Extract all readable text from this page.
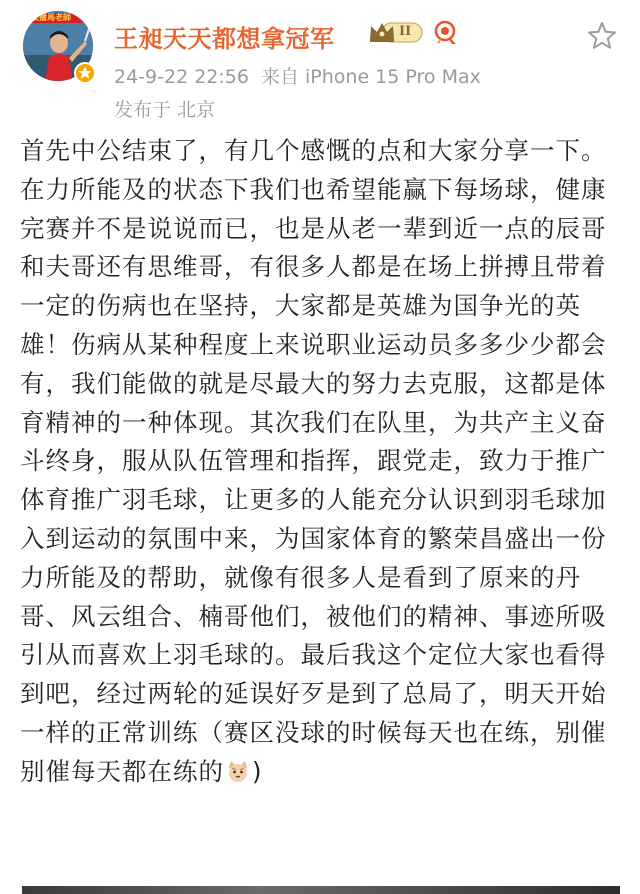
奴播馬老師
王昶天天都想拿冠军	II
24-9-22 22:56 来自 iPhone 15 Pro Max
发布于 北京

首先中公结束了，有几个感慨的点和大家分享一下。

在力所能及的状态下我们也希望能赢下每场球，健康完赛并不是说说而已，也是从老一辈到近一点的辰哥和夫哥还有思维哥，有很多人都是在场上拼搏且带着一定的伤病也在坚持，大家都是英雄为国争光的英雄！伤病从某种程度上来说职业运动员多多少少都会有，我们能做的就是尽最大的努力去克服，这都是体育精神的一种体现。其次我们在队里，为共产主义奋斗终身，服从队伍管理和指挥，跟党走，致力于推广体育推广羽毛球，让更多的人能充分认识到羽毛球加入到运动的氛围中来，为国家体育的繁荣昌盛出一份力所能及的帮助，就像有很多人是看到了原来的丹哥、风云组合、楠哥他们，被他们的精神、事迹所吸引从而喜欢上羽毛球的。最后我这个定位大家也看得到吧，经过两轮的延误好歹是到了总局了，明天开始一样的正常训练（赛区没球的时候每天也在练，别催别催每天都在练的 )
